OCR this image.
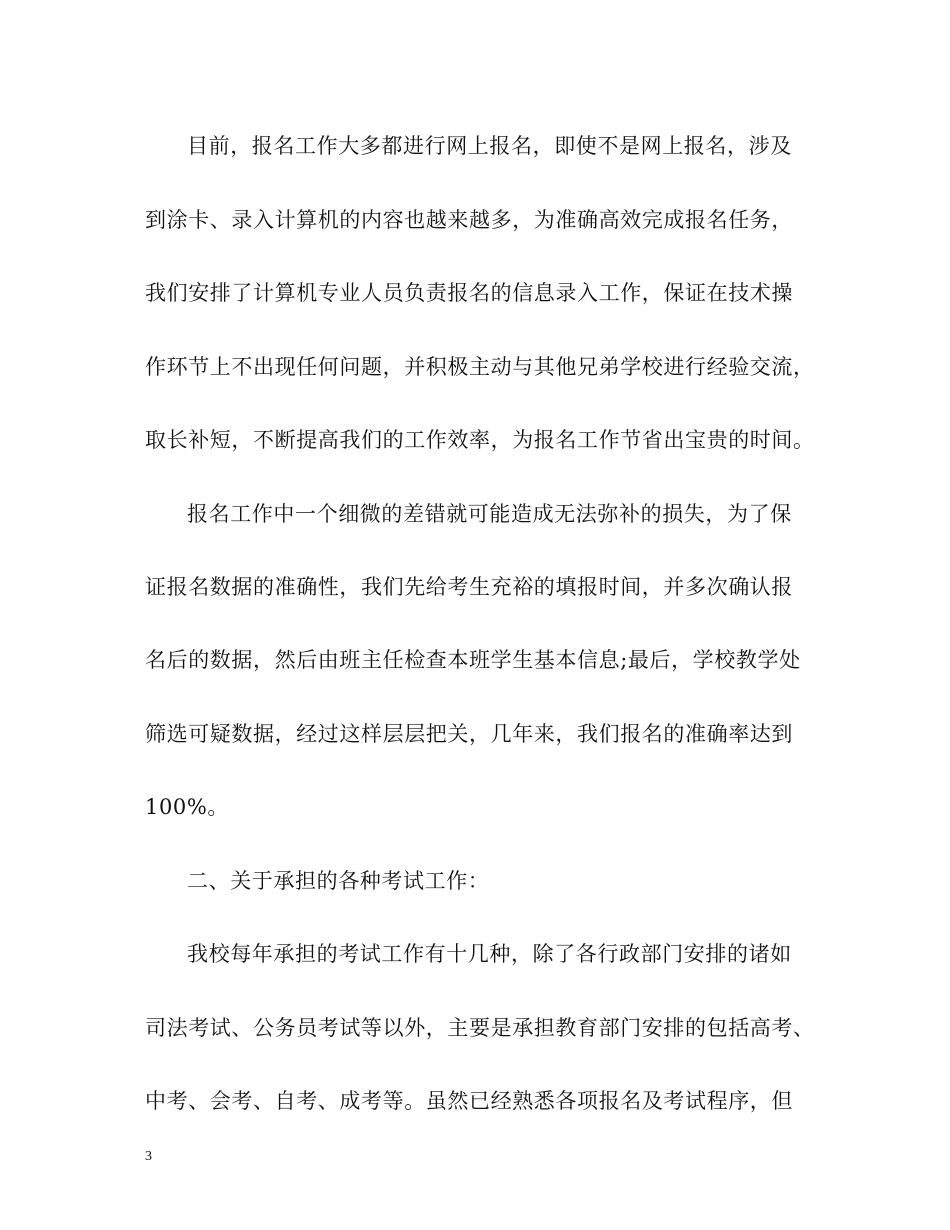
目前，报名工作大多都进行网上报名，即使不是网上报名，涉及
到涂卡、录入计算机的内容也越来越多，为准确高效完成报名任务，
我们安排了计算机专业人员负责报名的信息录入工作，保证在技术操
作环节上不出现任何问题，并积极主动与其他兄弟学校进行经验交流，
取长补短，不断提高我们的工作效率，为报名工作节省出宝贵的时间。
报名工作中一个细微的差错就可能造成无法弥补的损失，为了保
证报名数据的准确性，我们先给考生充裕的填报时间，并多次确认报
名后的数据，然后由班主任检查本班学生基本信息;最后，学校教学处
筛选可疑数据，经过这样层层把关，几年来，我们报名的准确率达到
100%。
二、关于承担的各种考试工作：
我校每年承担的考试工作有十几种，除了各行政部门安排的诸如
司法考试、公务员考试等以外，主要是承担教育部门安排的包括高考、
中考、会考、自考、成考等。虽然已经熟悉各项报名及考试程序，但
3
